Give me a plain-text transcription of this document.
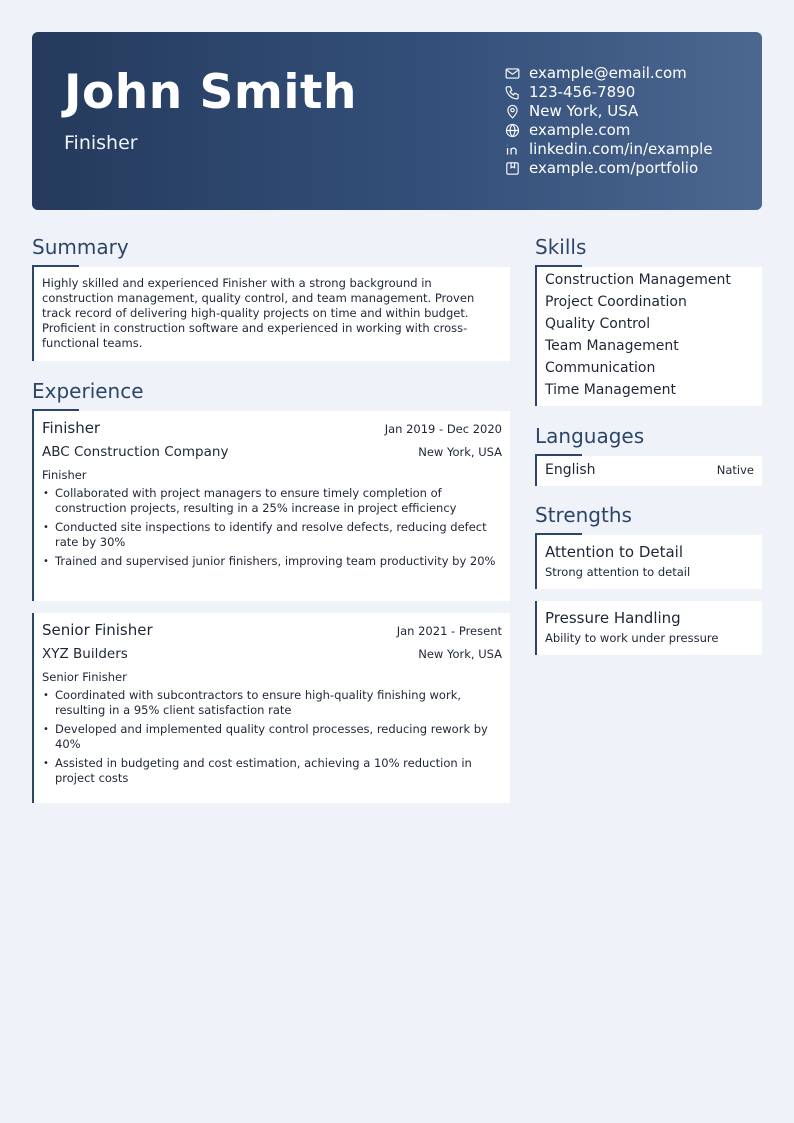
John Smith
Finisher
example@email.com
123-456-7890
New York, USA
example.com
linkedin.com/in/example
example.com/portfolio
Summary

Highly skilled and experienced Finisher with a strong background in construction management, quality control, and team management. Proven track record of delivering high-quality projects on time and within budget. Proficient in construction software and experienced in working with cross-functional teams.

Experience
Finisher	Jan 2019 - Dec 2020
ABC Construction Company	New York, USA
Finisher
• Collaborated with project managers to ensure timely completion of construction projects, resulting in a 25% increase in project efficiency
• Conducted site inspections to identify and resolve defects, reducing defect rate by 30%
• Trained and supervised junior finishers, improving team productivity by 20%
Senior Finisher	Jan 2021 - Present
XYZ Builders	New York, USA
Senior Finisher
• Coordinated with subcontractors to ensure high-quality finishing work, resulting in a 95% client satisfaction rate
• Developed and implemented quality control processes, reducing rework by 40%
• Assisted in budgeting and cost estimation, achieving a 10% reduction in project costs
Skills
Construction Management
Project Coordination
Quality Control
Team Management
Communication
Time Management
Languages
English	Native
Strengths
Attention to Detail
Strong attention to detail
Pressure Handling
Ability to work under pressure
